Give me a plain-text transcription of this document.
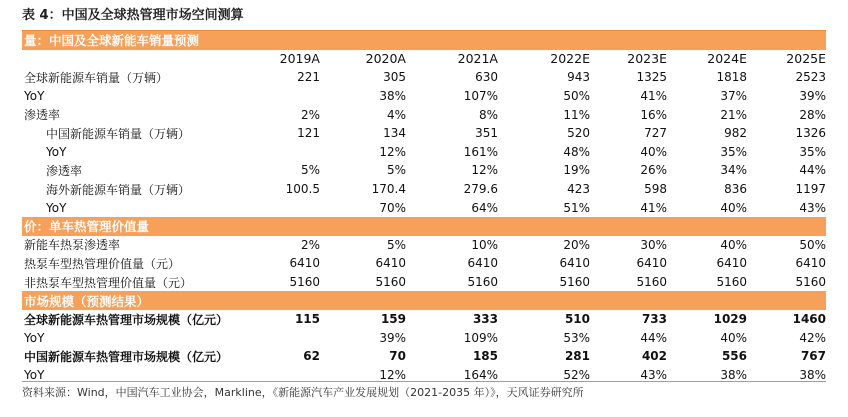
表 4：中国及全球热管理市场空间测算
量：中国及全球新能车销量预测							
	2019A	2020A	2021A	2022E	2023E	2024E	2025E
全球新能源车销量（万辆）	221	305	630	943	1325	1818	2523
YoY		38%	107%	50%	41%	37%	39%
渗透率	2%	4%	8%	11%	16%	21%	28%
中国新能源车销量（万辆）	121	134	351	520	727	982	1326
YoY		12%	161%	48%	40%	35%	35%
渗透率	5%	5%	12%	19%	26%	34%	44%
海外新能源车销量（万辆）	100.5	170.4	279.6	423	598	836	1197
YoY		70%	64%	51%	41%	40%	43%
价：单车热管理价值量							
新能车热泵渗透率	2%	5%	10%	20%	30%	40%	50%
热泵车型热管理价值量（元）	6410	6410	6410	6410	6410	6410	6410
非热泵车型热管理价值量（元）	5160	5160	5160	5160	5160	5160	5160
市场规模（预测结果）							
全球新能源车热管理市场规模（亿元）	115	159	333	510	733	1029	1460
YoY		39%	109%	53%	44%	40%	42%
中国新能源车热管理市场规模（亿元）	62	70	185	281	402	556	767
YoY		12%	164%	52%	43%	38%	38%
资料来源：Wind，中国汽车工业协会，Markline，《新能源汽车产业发展规划（2021-2035 年）》，天风证券研究所
